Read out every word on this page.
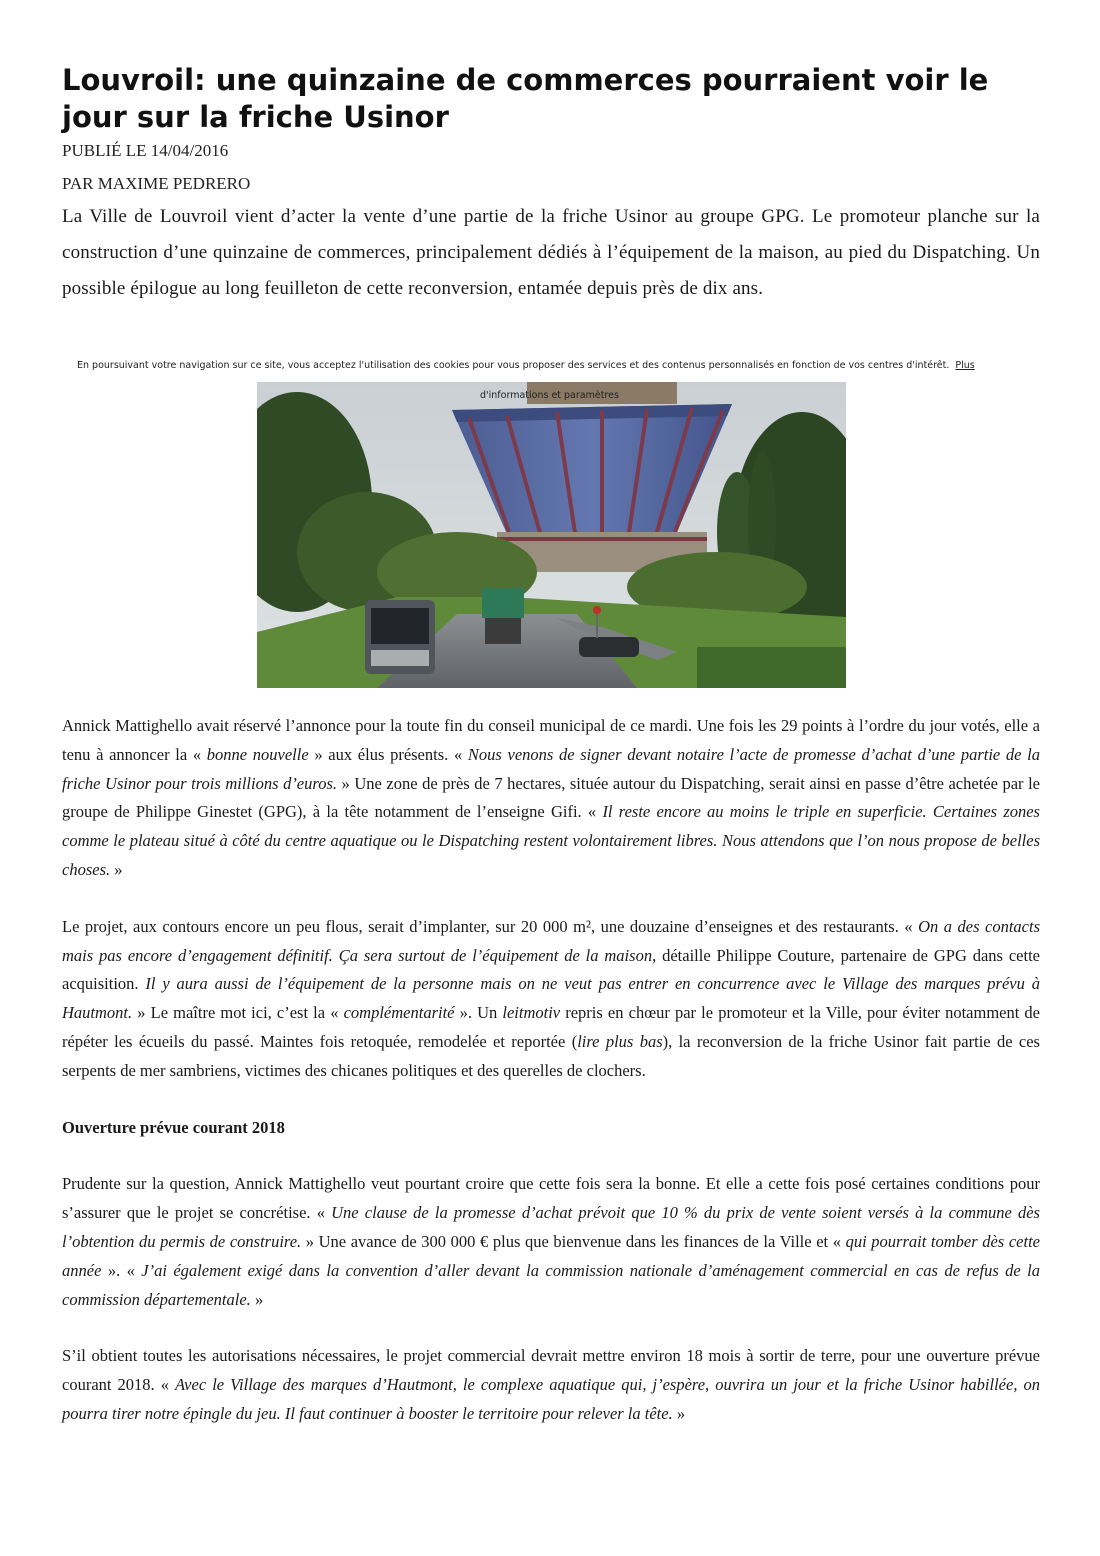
Louvroil: une quinzaine de commerces pourraient voir le jour sur la friche Usinor

PUBLIÉ LE 14/04/2016

PAR MAXIME PEDRERO

La Ville de Louvroil vient d’acter la vente d’une partie de la friche Usinor au groupe GPG. Le promoteur planche sur la construction d’une quinzaine de commerces, principalement dédiés à l’équipement de la maison, au pied du Dispatching. Un possible épilogue au long feuilleton de cette reconversion, entamée depuis près de dix ans.

En poursuivant votre navigation sur ce site, vous acceptez l'utilisation des cookies pour vous proposer des services et des contenus personnalisés en fonction de vos centres d'intérêt. Plus
d'informations et paramètres

Annick Mattighello avait réservé l’annonce pour la toute fin du conseil municipal de ce mardi. Une fois les 29 points à l’ordre du jour votés, elle a tenu à annoncer la « bonne nouvelle » aux élus présents. « Nous venons de signer devant notaire l’acte de promesse d’achat d’une partie de la friche Usinor pour trois millions d’euros. » Une zone de près de 7 hectares, située autour du Dispatching, serait ainsi en passe d’être achetée par le groupe de Philippe Ginestet (GPG), à la tête notamment de l’enseigne Gifi. « Il reste encore au moins le triple en superficie. Certaines zones comme le plateau situé à côté du centre aquatique ou le Dispatching restent volontairement libres. Nous attendons que l’on nous propose de belles choses. »

Le projet, aux contours encore un peu flous, serait d’implanter, sur 20 000 m², une douzaine d’enseignes et des restaurants. « On a des contacts mais pas encore d’engagement définitif. Ça sera surtout de l’équipement de la maison, détaille Philippe Couture, partenaire de GPG dans cette acquisition. Il y aura aussi de l’équipement de la personne mais on ne veut pas entrer en concurrence avec le Village des marques prévu à Hautmont. » Le maître mot ici, c’est la « complémentarité ». Un leitmotiv repris en chœur par le promoteur et la Ville, pour éviter notamment de répéter les écueils du passé. Maintes fois retoquée, remodelée et reportée (lire plus bas), la reconversion de la friche Usinor fait partie de ces serpents de mer sambriens, victimes des chicanes politiques et des querelles de clochers.

Ouverture prévue courant 2018

Prudente sur la question, Annick Mattighello veut pourtant croire que cette fois sera la bonne. Et elle a cette fois posé certaines conditions pour s’assurer que le projet se concrétise. « Une clause de la promesse d’achat prévoit que 10 % du prix de vente soient versés à la commune dès l’obtention du permis de construire. » Une avance de 300 000 € plus que bienvenue dans les finances de la Ville et « qui pourrait tomber dès cette année ». « J’ai également exigé dans la convention d’aller devant la commission nationale d’aménagement commercial en cas de refus de la commission départementale. »

S’il obtient toutes les autorisations nécessaires, le projet commercial devrait mettre environ 18 mois à sortir de terre, pour une ouverture prévue courant 2018. « Avec le Village des marques d’Hautmont, le complexe aquatique qui, j’espère, ouvrira un jour et la friche Usinor habillée, on pourra tirer notre épingle du jeu. Il faut continuer à booster le territoire pour relever la tête. »
